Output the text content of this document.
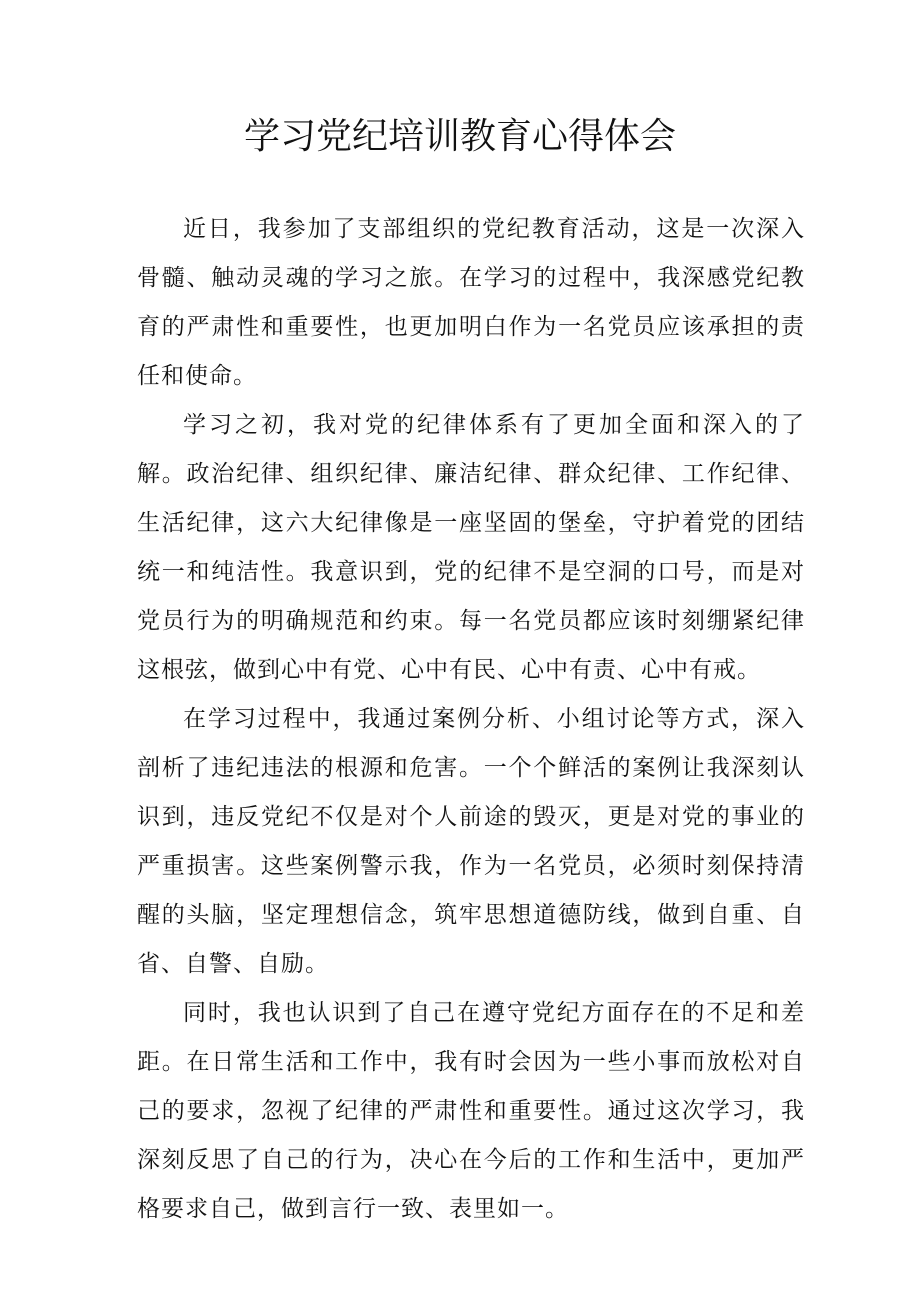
学习党纪培训教育心得体会

近日，我参加了支部组织的党纪教育活动，这是一次深入骨髓、触动灵魂的学习之旅。在学习的过程中，我深感党纪教育的严肃性和重要性，也更加明白作为一名党员应该承担的责任和使命。

学习之初，我对党的纪律体系有了更加全面和深入的了解。政治纪律、组织纪律、廉洁纪律、群众纪律、工作纪律、生活纪律，这六大纪律像是一座坚固的堡垒，守护着党的团结统一和纯洁性。我意识到，党的纪律不是空洞的口号，而是对党员行为的明确规范和约束。每一名党员都应该时刻绷紧纪律这根弦，做到心中有党、心中有民、心中有责、心中有戒。

在学习过程中，我通过案例分析、小组讨论等方式，深入剖析了违纪违法的根源和危害。一个个鲜活的案例让我深刻认识到，违反党纪不仅是对个人前途的毁灭，更是对党的事业的严重损害。这些案例警示我，作为一名党员，必须时刻保持清醒的头脑，坚定理想信念，筑牢思想道德防线，做到自重、自省、自警、自励。

同时，我也认识到了自己在遵守党纪方面存在的不足和差距。在日常生活和工作中，我有时会因为一些小事而放松对自己的要求，忽视了纪律的严肃性和重要性。通过这次学习，我深刻反思了自己的行为，决心在今后的工作和生活中，更加严格要求自己，做到言行一致、表里如一。
